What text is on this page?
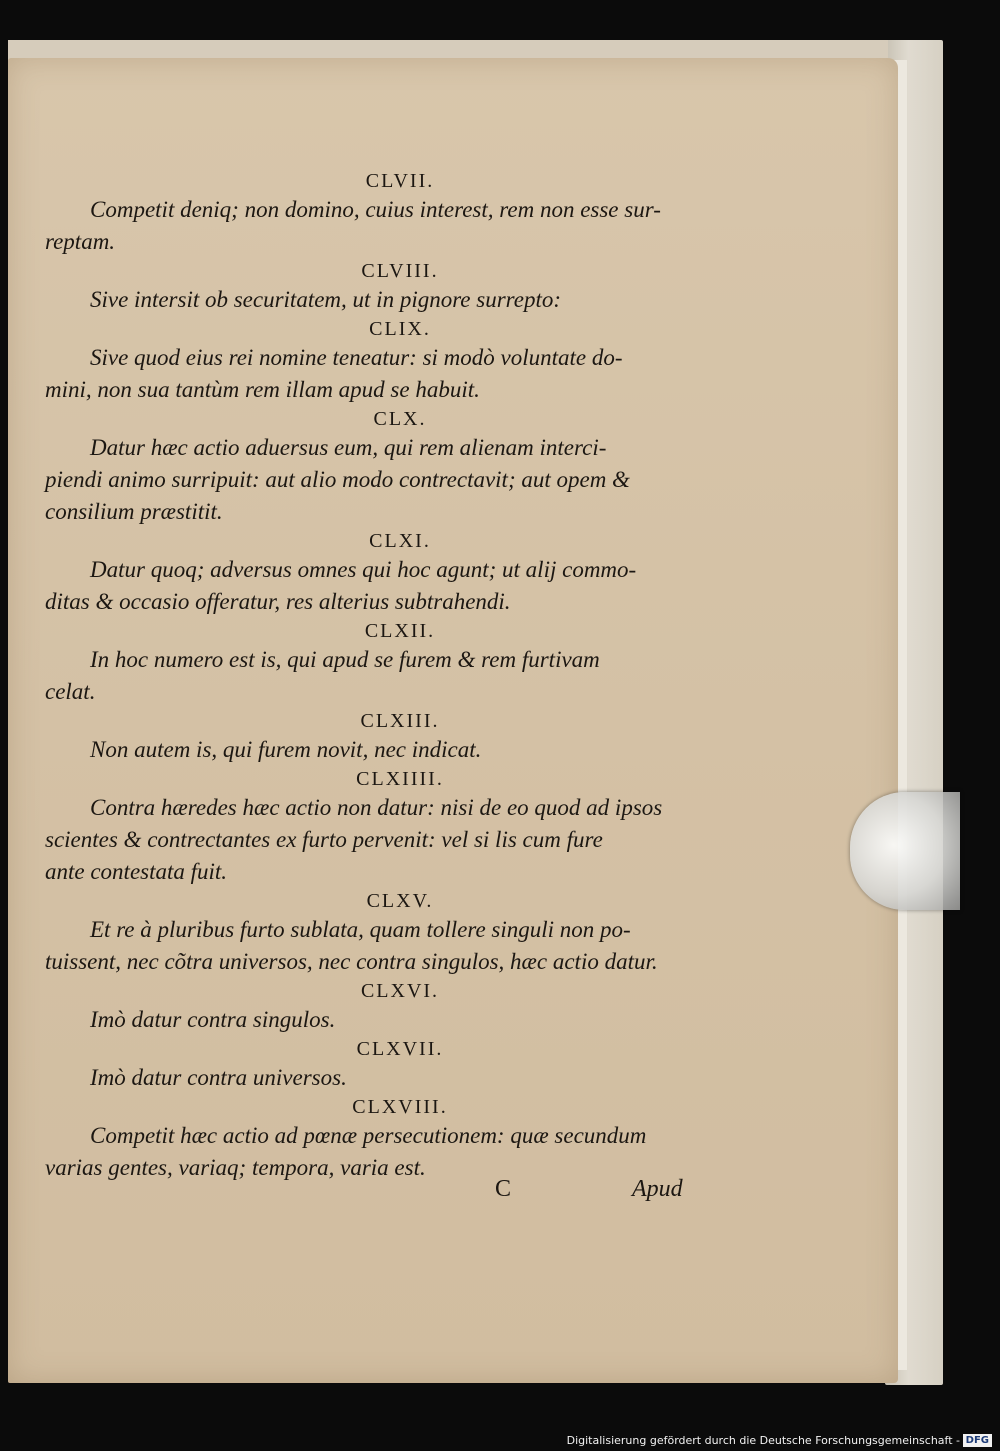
CLVII.
Competit deniq; non domino, cuius interest, rem non esse sur-
reptam.
CLVIII.
Sive intersit ob securitatem, ut in pignore surrepto:
CLIX.
Sive quod eius rei nomine teneatur: si modò voluntate do-
mini, non sua tantùm rem illam apud se habuit.
CLX.
Datur hæc actio aduersus eum, qui rem alienam interci-
piendi animo surripuit: aut alio modo contrectavit; aut opem &
consilium præstitit.
CLXI.
Datur quoq; adversus omnes qui hoc agunt; ut alij commo-
ditas & occasio offeratur, res alterius subtrahendi.
CLXII.
In hoc numero est is, qui apud se furem & rem furtivam
celat.
CLXIII.
Non autem is, qui furem novit, nec indicat.
CLXIIII.
Contra hæredes hæc actio non datur: nisi de eo quod ad ipsos
scientes & contrectantes ex furto pervenit: vel si lis cum fure
ante contestata fuit.
CLXV.
Et re à pluribus furto sublata, quam tollere singuli non po-
tuissent, nec cõtra universos, nec contra singulos, hæc actio datur.
CLXVI.
Imò datur contra singulos.
CLXVII.
Imò datur contra universos.
CLXVIII.
Competit hæc actio ad pœnæ persecutionem: quæ secundum
varias gentes, variaq; tempora, varia est.
C	Apud
Digitalisierung gefördert durch die Deutsche Forschungsgemeinschaft - DFG
